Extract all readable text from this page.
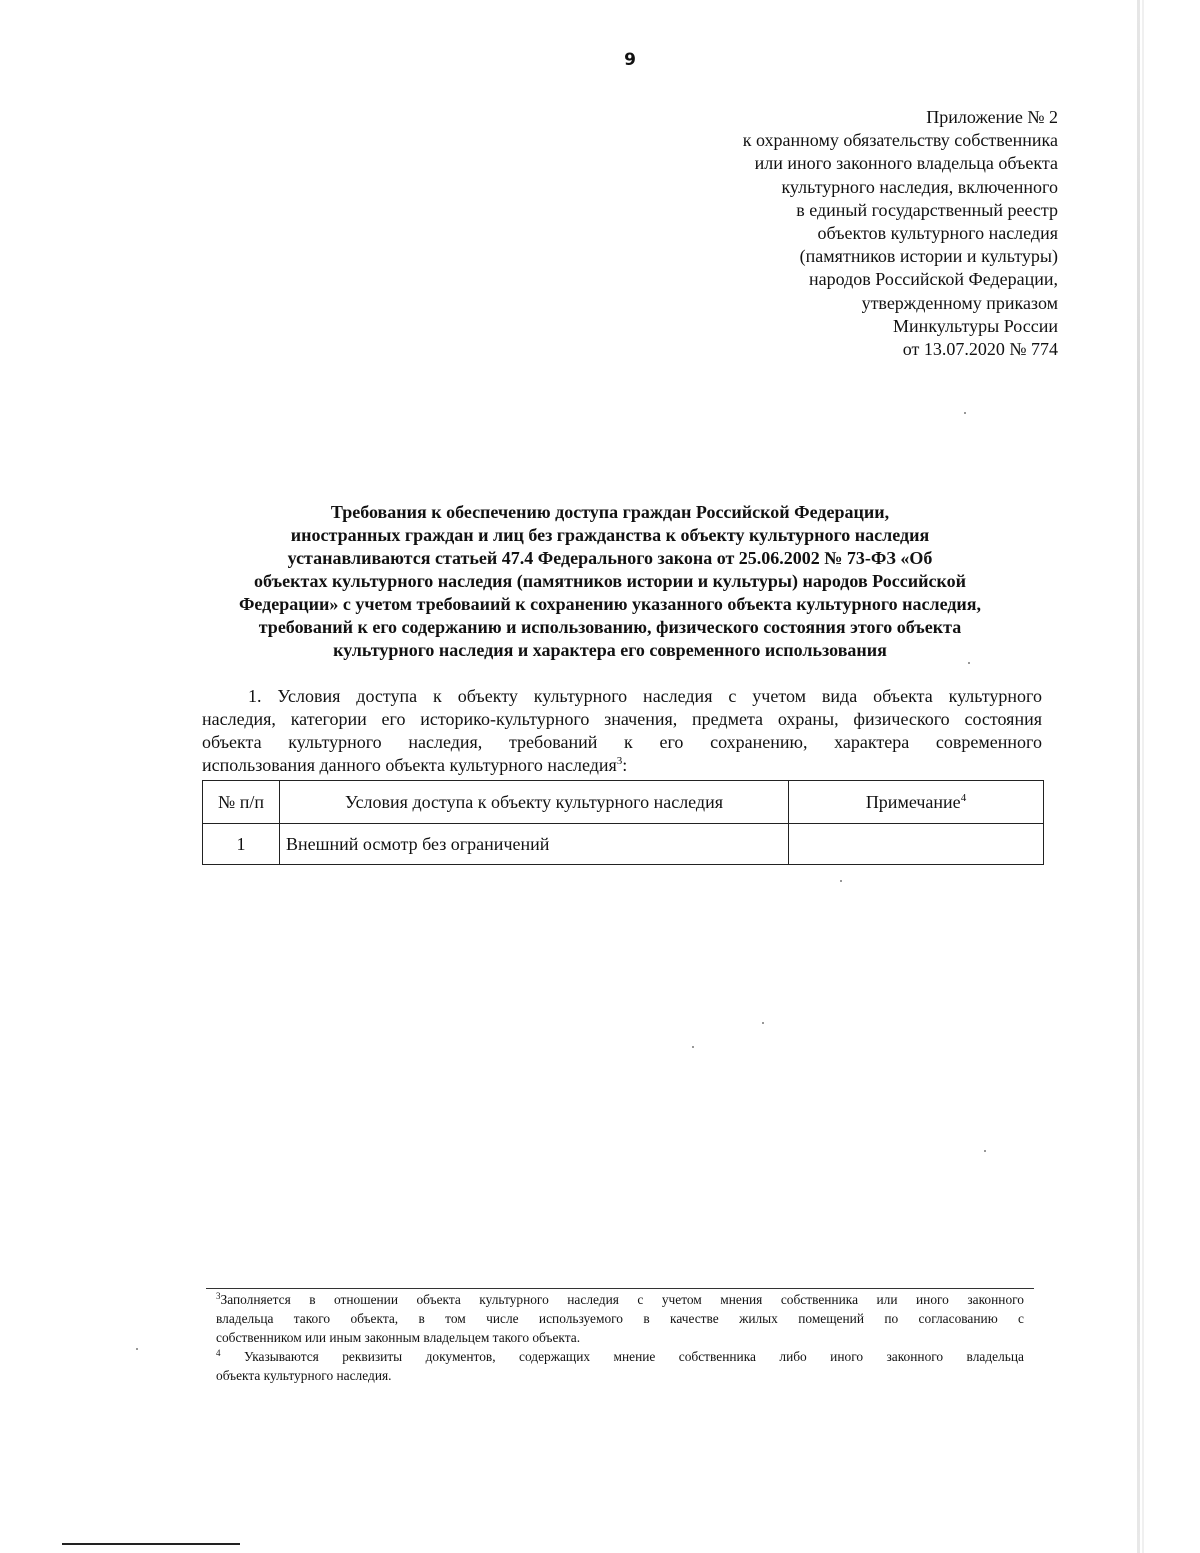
9
Приложение № 2
к охранному обязательству собственника
или иного законного владельца объекта
культурного наследия, включенного
в единый государственный реестр
объектов культурного наследия
(памятников истории и культуры)
народов Российской Федерации,
утвержденному приказом
Минкультуры России
от 13.07.2020 № 774
Требования к обеспечению доступа граждан Российской Федерации,
иностранных граждан и лиц без гражданства к объекту культурного наследия
устанавливаются статьей 47.4 Федерального закона от 25.06.2002 № 73-ФЗ «Об
объектах культурного наследия (памятников истории и культуры) народов Российской
Федерации» с учетом требоваиий к сохранению указанного объекта культурного наследия,
требований к его содержанию и использованию, физического состояния этого объекта
культурного наследия и характера его современного использования
1. Условия доступа к объекту культурного наследия с учетом вида объекта культурного
наследия, категории его историко-культурного значения, предмета охраны, физического состояния
объекта культурного наследия, требований к его сохранению, характера современного
использования данного объекта культурного наследия$^3$:
№ п/п	Условия доступа к объекту культурного наследия	Примечание$^4$
1	Внешний осмотр без ограничений	
$^3$Заполняется в отношении объекта культурного наследия с учетом мнения собственника или иного законного
владельца такого объекта, в том числе используемого в качестве жилых помещений по согласованию с
собственником или иным законным владельцем такого объекта.
$^4$ Указываются реквизиты документов, содержащих мнение собственника либо иного законного владельца
объекта культурного наследия.
